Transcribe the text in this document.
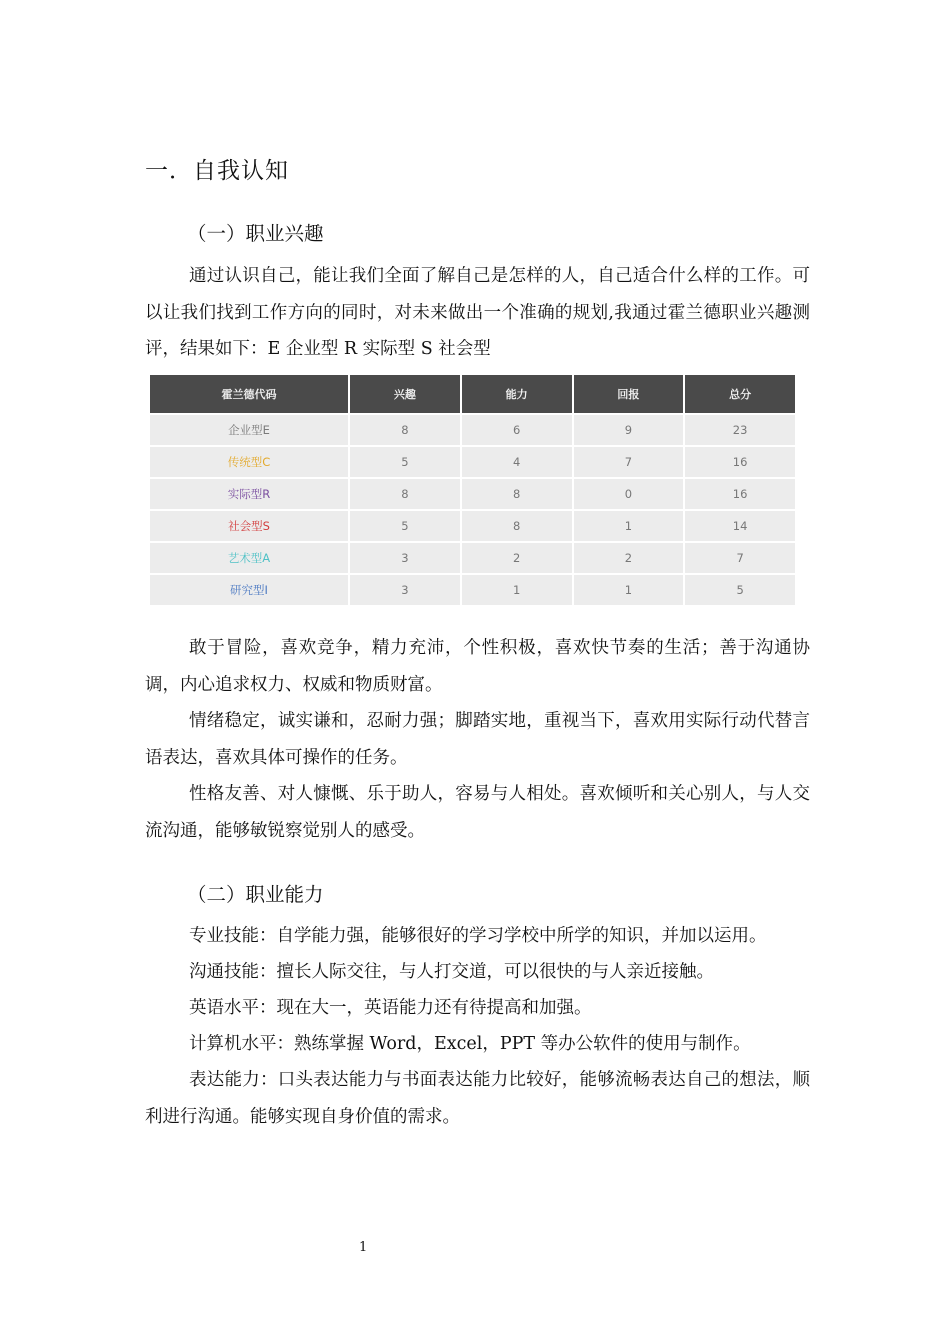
一．自我认知
（一）职业兴趣
通过认识自己，能让我们全面了解自己是怎样的人，自己适合什么样的工作。可以让我们找到工作方向的同时，对未来做出一个准确的规划,我通过霍兰德职业兴趣测评，结果如下：E 企业型 R 实际型 S 社会型
霍兰德代码	兴趣	能力	回报	总分
企业型E	8	6	9	23
传统型C	5	4	7	16
实际型R	8	8	0	16
社会型S	5	8	1	14
艺术型A	3	2	2	7
研究型I	3	1	1	5
敢于冒险，喜欢竞争，精力充沛，个性积极，喜欢快节奏的生活；善于沟通协调，内心追求权力、权威和物质财富。
情绪稳定，诚实谦和，忍耐力强；脚踏实地，重视当下，喜欢用实际行动代替言语表达，喜欢具体可操作的任务。
性格友善、对人慷慨、乐于助人，容易与人相处。喜欢倾听和关心别人，与人交流沟通，能够敏锐察觉别人的感受。
（二）职业能力
专业技能：自学能力强，能够很好的学习学校中所学的知识，并加以运用。
沟通技能：擅长人际交往，与人打交道，可以很快的与人亲近接触。
英语水平：现在大一，英语能力还有待提高和加强。
计算机水平：熟练掌握 Word，Excel，PPT 等办公软件的使用与制作。
表达能力：口头表达能力与书面表达能力比较好，能够流畅表达自己的想法，顺利进行沟通。能够实现自身价值的需求。
1
